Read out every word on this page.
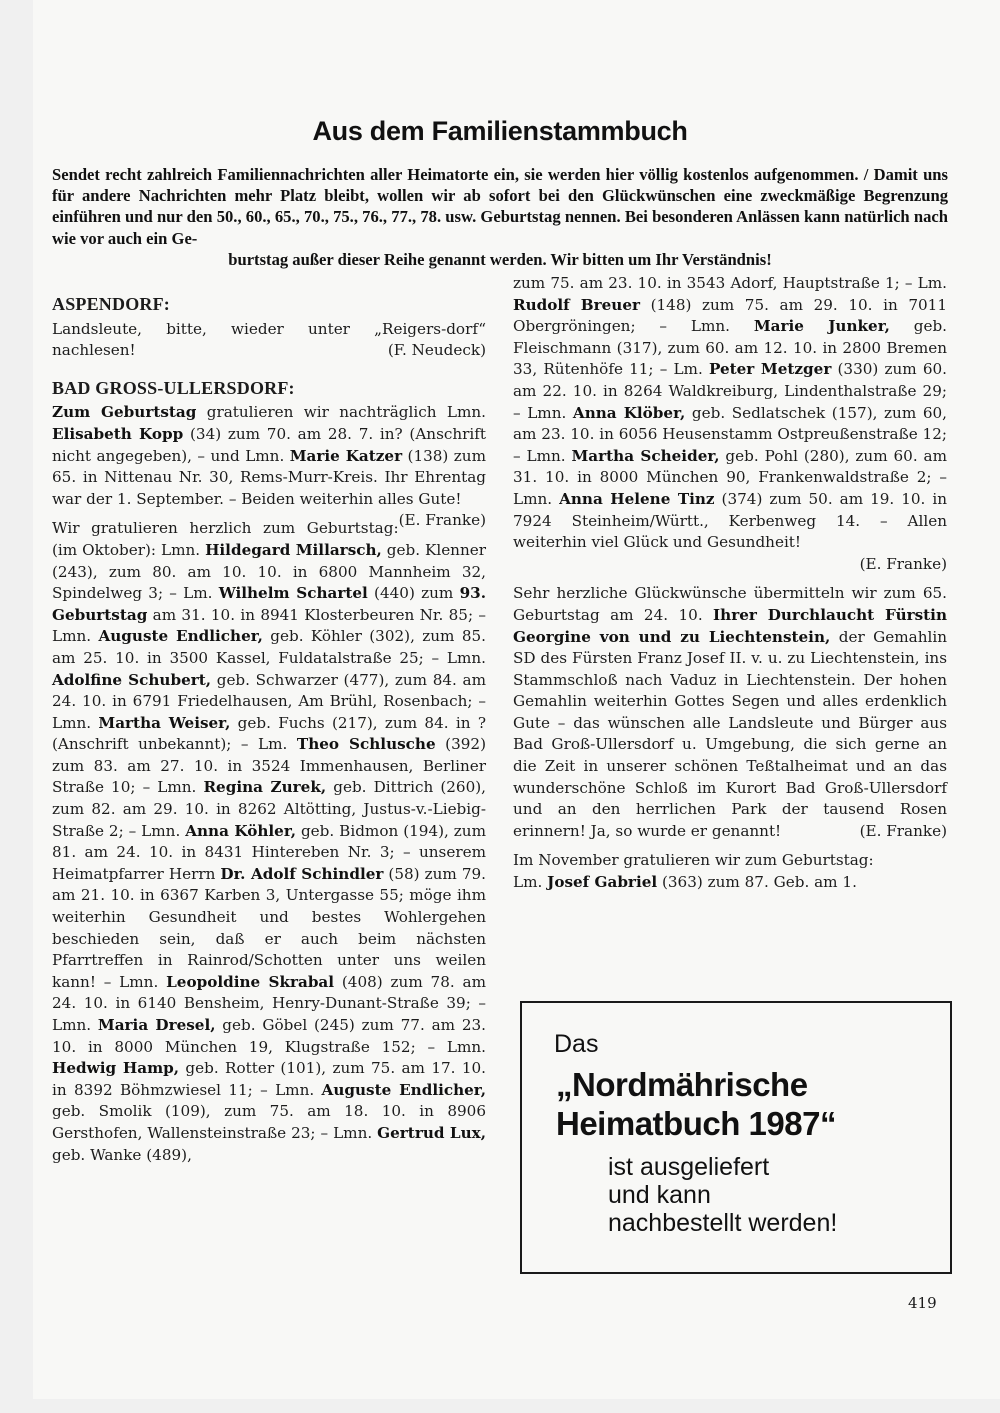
Aus dem Familienstammbuch
Sendet recht zahlreich Familiennachrichten aller Heimatorte ein, sie werden hier völlig kostenlos aufgenommen. / Damit uns für andere Nachrichten mehr Platz bleibt, wollen wir ab sofort bei den Glückwünschen eine zweckmäßige Begrenzung einführen und nur den 50., 60., 65., 70., 75., 76., 77., 78. usw. Geburtstag nennen. Bei besonderen Anlässen kann natürlich nach wie vor auch ein Ge-
burtstag außer dieser Reihe genannt werden. Wir bitten um Ihr Verständnis!
ASPENDORF:

Landsleute, bitte, wieder unter „Reigers-dorf“ nachlesen!	(F. Neudeck)

BAD GROSS-ULLERSDORF:

Zum Geburtstag gratulieren wir nachträglich Lmn. Elisabeth Kopp (34) zum 70. am 28. 7. in? (Anschrift nicht angegeben), – und Lmn. Marie Katzer (138) zum 65. in Nittenau Nr. 30, Rems-Murr-Kreis. Ihr Ehrentag war der 1. September. – Beiden weiterhin alles Gute!
(E. Franke)

Wir gratulieren herzlich zum Geburtstag: (im Oktober): Lmn. Hildegard Millarsch, geb. Klenner (243), zum 80. am 10. 10. in 6800 Mannheim 32, Spindelweg 3; – Lm. Wilhelm Schartel (440) zum 93. Geburtstag am 31. 10. in 8941 Klosterbeuren Nr. 85; – Lmn. Auguste Endlicher, geb. Köhler (302), zum 85. am 25. 10. in 3500 Kassel, Fuldatalstraße 25; – Lmn. Adolfine Schubert, geb. Schwarzer (477), zum 84. am 24. 10. in 6791 Friedelhausen, Am Brühl, Rosenbach; – Lmn. Martha Weiser, geb. Fuchs (217), zum 84. in ? (Anschrift unbekannt); – Lm. Theo Schlusche (392) zum 83. am 27. 10. in 3524 Immenhausen, Berliner Straße 10; – Lmn. Regina Zurek, geb. Dittrich (260), zum 82. am 29. 10. in 8262 Altötting, Justus-v.-Liebig-Straße 2; – Lmn. Anna Köhler, geb. Bidmon (194), zum 81. am 24. 10. in 8431 Hintereben Nr. 3; – unserem Heimatpfarrer Herrn Dr. Adolf Schindler (58) zum 79. am 21. 10. in 6367 Karben 3, Untergasse 55; möge ihm weiterhin Gesundheit und bestes Wohlergehen beschieden sein, daß er auch beim nächsten Pfarrtreffen in Rainrod/Schotten unter uns weilen kann! – Lmn. Leopoldine Skrabal (408) zum 78. am 24. 10. in 6140 Bensheim, Henry-Dunant-Straße 39; – Lmn. Maria Dresel, geb. Göbel (245) zum 77. am 23. 10. in 8000 München 19, Klugstraße 152; – Lmn. Hedwig Hamp, geb. Rotter (101), zum 75. am 17. 10. in 8392 Böhmzwiesel 11; – Lmn. Auguste Endlicher, geb. Smolik (109), zum 75. am 18. 10. in 8906 Gersthofen, Wallensteinstraße 23; – Lmn. Gertrud Lux, geb. Wanke (489),

zum 75. am 23. 10. in 3543 Adorf, Hauptstraße 1; – Lm. Rudolf Breuer (148) zum 75. am 29. 10. in 7011 Obergröningen; – Lmn. Marie Junker, geb. Fleischmann (317), zum 60. am 12. 10. in 2800 Bremen 33, Rütenhöfe 11; – Lm. Peter Metzger (330) zum 60. am 22. 10. in 8264 Waldkreiburg, Lindenthalstraße 29; – Lmn. Anna Klöber, geb. Sedlatschek (157), zum 60, am 23. 10. in 6056 Heusenstamm Ostpreußenstraße 12; – Lmn. Martha Scheider, geb. Pohl (280), zum 60. am 31. 10. in 8000 München 90, Frankenwaldstraße 2; – Lmn. Anna Helene Tinz (374) zum 50. am 19. 10. in 7924 Steinheim/Württ., Kerbenweg 14. – Allen weiterhin viel Glück und Gesundheit!
(E. Franke)

Sehr herzliche Glückwünsche übermitteln wir zum 65. Geburtstag am 24. 10. Ihrer Durchlaucht Fürstin Georgine von und zu Liechtenstein, der Gemahlin SD des Fürsten Franz Josef II. v. u. zu Liechtenstein, ins Stammschloß nach Vaduz in Liechtenstein. Der hohen Gemahlin weiterhin Gottes Segen und alles erdenklich Gute – das wünschen alle Landsleute und Bürger aus Bad Groß-Ullersdorf u. Umgebung, die sich gerne an die Zeit in unserer schönen Teßtalheimat und an das wunderschöne Schloß im Kurort Bad Groß-Ullersdorf und an den herrlichen Park der tausend Rosen erinnern! Ja, so wurde er genannt!	(E. Franke)

Im November gratulieren wir zum Geburtstag:

Lm. Josef Gabriel (363) zum 87. Geb. am 1.

Das
„Nordmährische
Heimatbuch 1987“
ist ausgeliefert
und kann
nachbestellt werden!
419
